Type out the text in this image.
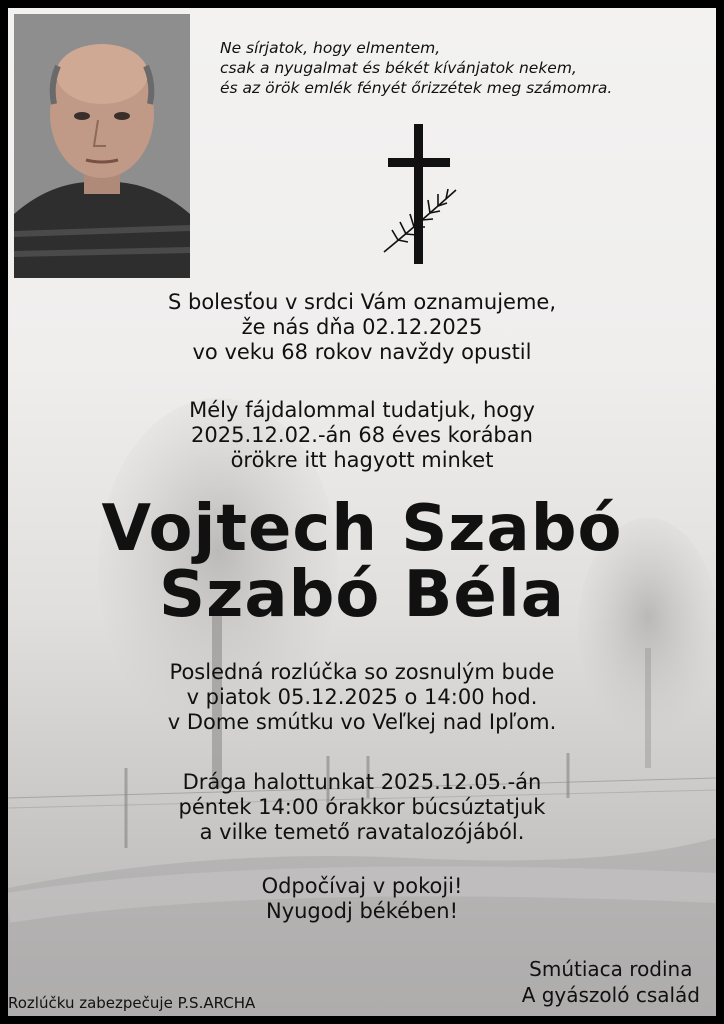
Ne sírjatok, hogy elmentem,
csak a nyugalmat és békét kívánjatok nekem,
és az örök emlék fényét őrizzétek meg számomra.
S bolesťou v srdci Vám oznamujeme,
že nás dňa 02.12.2025
vo veku 68 rokov navždy opustil
Mély fájdalommal tudatjuk, hogy
2025.12.02.-án 68 éves korában
örökre itt hagyott minket
Vojtech Szabó
Szabó Béla
Posledná rozlúčka so zosnulým bude
v piatok 05.12.2025 o 14:00 hod.
v Dome smútku vo Veľkej nad Ipľom.
Drága halottunkat 2025.12.05.-án
péntek 14:00 órakkor búcsúztatjuk
a vilke temető ravatalozójából.
Odpočívaj v pokoji!
Nyugodj békében!
Smútiaca rodina
A gyászoló család
Rozlúčku zabezpečuje P.S.ARCHA
